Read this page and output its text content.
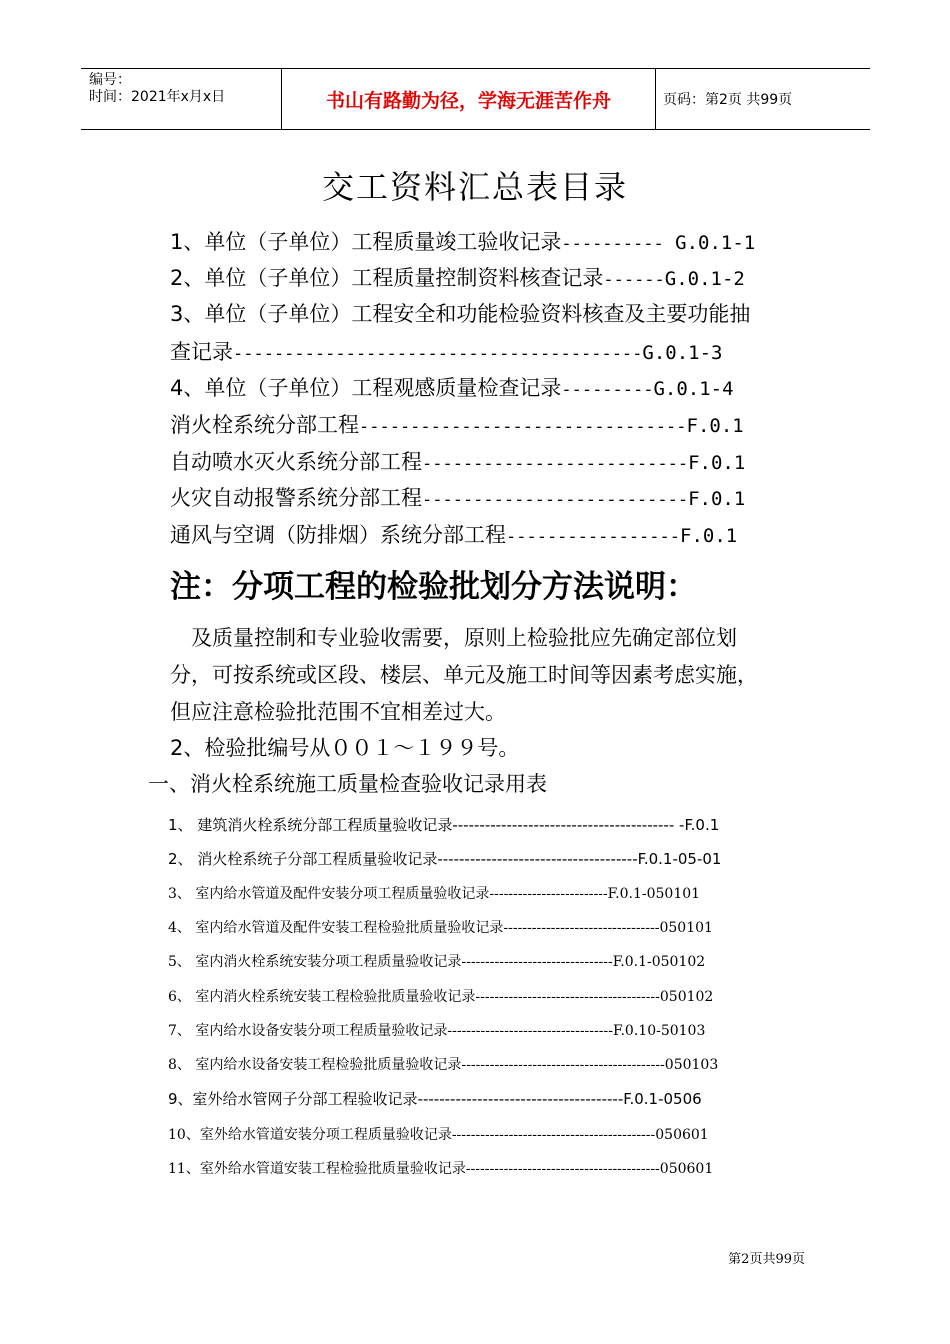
编号：
时间：2021年x月x日	书山有路勤为径，学海无涯苦作舟	页码：第2页 共99页
交工资料汇总表目录
1、单位（子单位）工程质量竣工验收记录---------- G.0.1-1
2、单位（子单位）工程质量控制资料核查记录------G.0.1-2
3、单位（子单位）工程安全和功能检验资料核查及主要功能抽
查记录----------------------------------------G.0.1-3
4、单位（子单位）工程观感质量检查记录---------G.0.1-4
消火栓系统分部工程--------------------------------F.0.1
自动喷水灭火系统分部工程--------------------------F.0.1
火灾自动报警系统分部工程--------------------------F.0.1
通风与空调（防排烟）系统分部工程-----------------F.0.1
注：分项工程的检验批划分方法说明：
及质量控制和专业验收需要，原则上检验批应先确定部位划
分，可按系统或区段、楼层、单元及施工时间等因素考虑实施，
但应注意检验批范围不宜相差过大。
2、检验批编号从００１～１９９号。
一、消火栓系统施工质量检查验收记录用表
1、 建筑消火栓系统分部工程质量验收记录----------------------------------------- -F.0.1
2、 消火栓系统子分部工程质量验收记录-------------------------------------F.0.1-05-01
3、 室内给水管道及配件安装分项工程质量验收记录-------------------------F.0.1-050101
4、 室内给水管道及配件安装工程检验批质量验收记录---------------------------------050101
5、 室内消火栓系统安装分项工程质量验收记录--------------------------------F.0.1-050102
6、 室内消火栓系统安装工程检验批质量验收记录---------------------------------------050102
7、 室内给水设备安装分项工程质量验收记录-----------------------------------F.0.10-50103
8、 室内给水设备安装工程检验批质量验收记录-------------------------------------------050103
9、室外给水管网子分部工程验收记录--------------------------------------F.0.1-0506
10、室外给水管道安装分项工程质量验收记录-------------------------------------------050601
11、室外给水管道安装工程检验批质量验收记录-----------------------------------------050601
第2页共99页
